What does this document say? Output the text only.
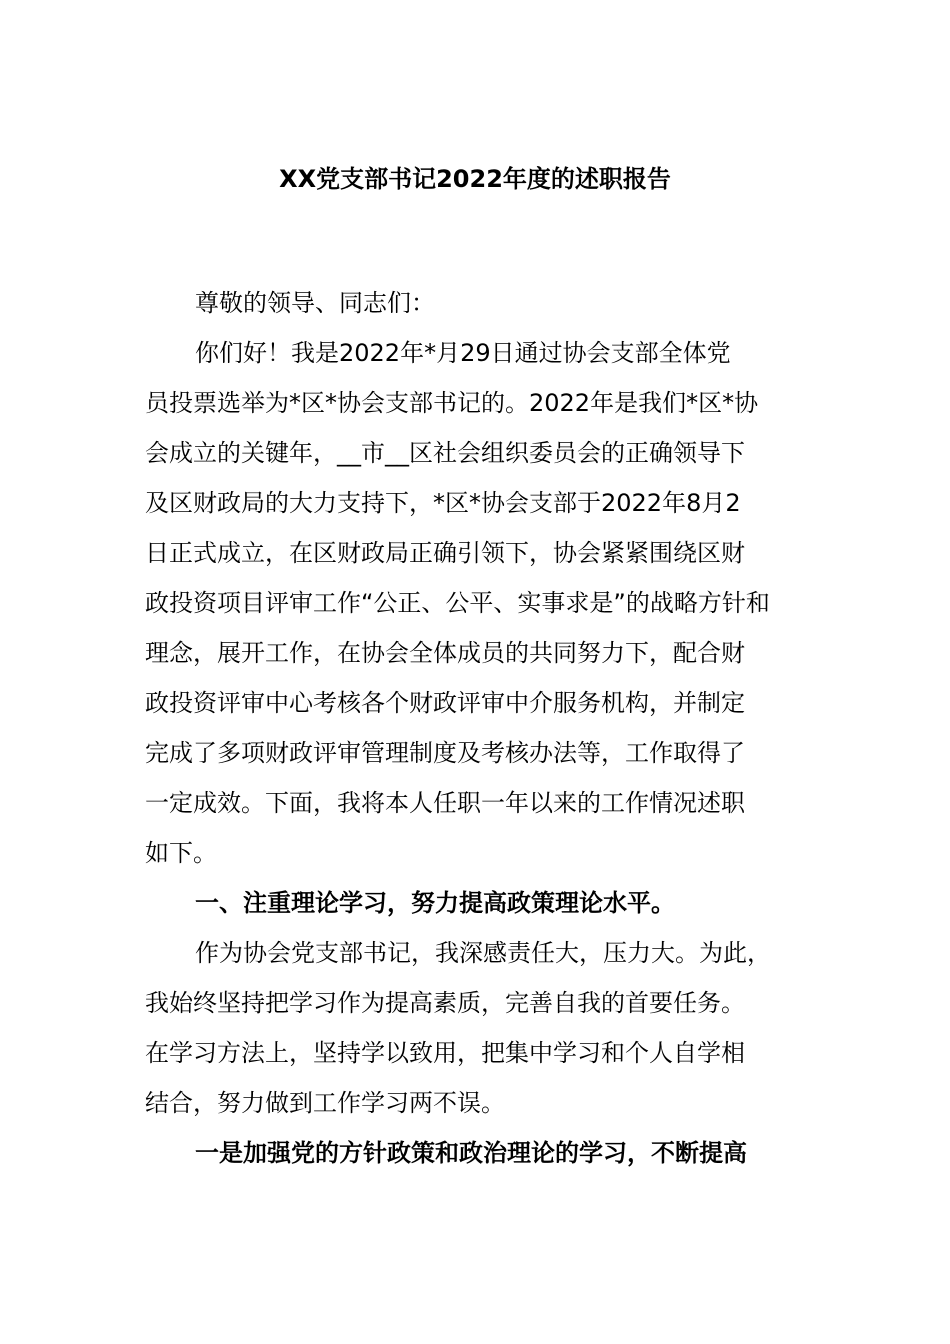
XX党支部书记2022年度的述职报告
尊敬的领导、同志们：
你们好！我是2022年*月29日通过协会支部全体党
员投票选举为*区*协会支部书记的。2022年是我们*区*协
会成立的关键年，__市__区社会组织委员会的正确领导下
及区财政局的大力支持下，*区*协会支部于2022年8月2
日正式成立，在区财政局正确引领下，协会紧紧围绕区财
政投资项目评审工作“公正、公平、实事求是”的战略方针和
理念，展开工作，在协会全体成员的共同努力下，配合财
政投资评审中心考核各个财政评审中介服务机构，并制定
完成了多项财政评审管理制度及考核办法等，工作取得了
一定成效。下面，我将本人任职一年以来的工作情况述职
如下。
一、注重理论学习，努力提高政策理论水平。
作为协会党支部书记，我深感责任大，压力大。为此，
我始终坚持把学习作为提高素质，完善自我的首要任务。
在学习方法上，坚持学以致用，把集中学习和个人自学相
结合，努力做到工作学习两不误。
一是加强党的方针政策和政治理论的学习，不断提高
